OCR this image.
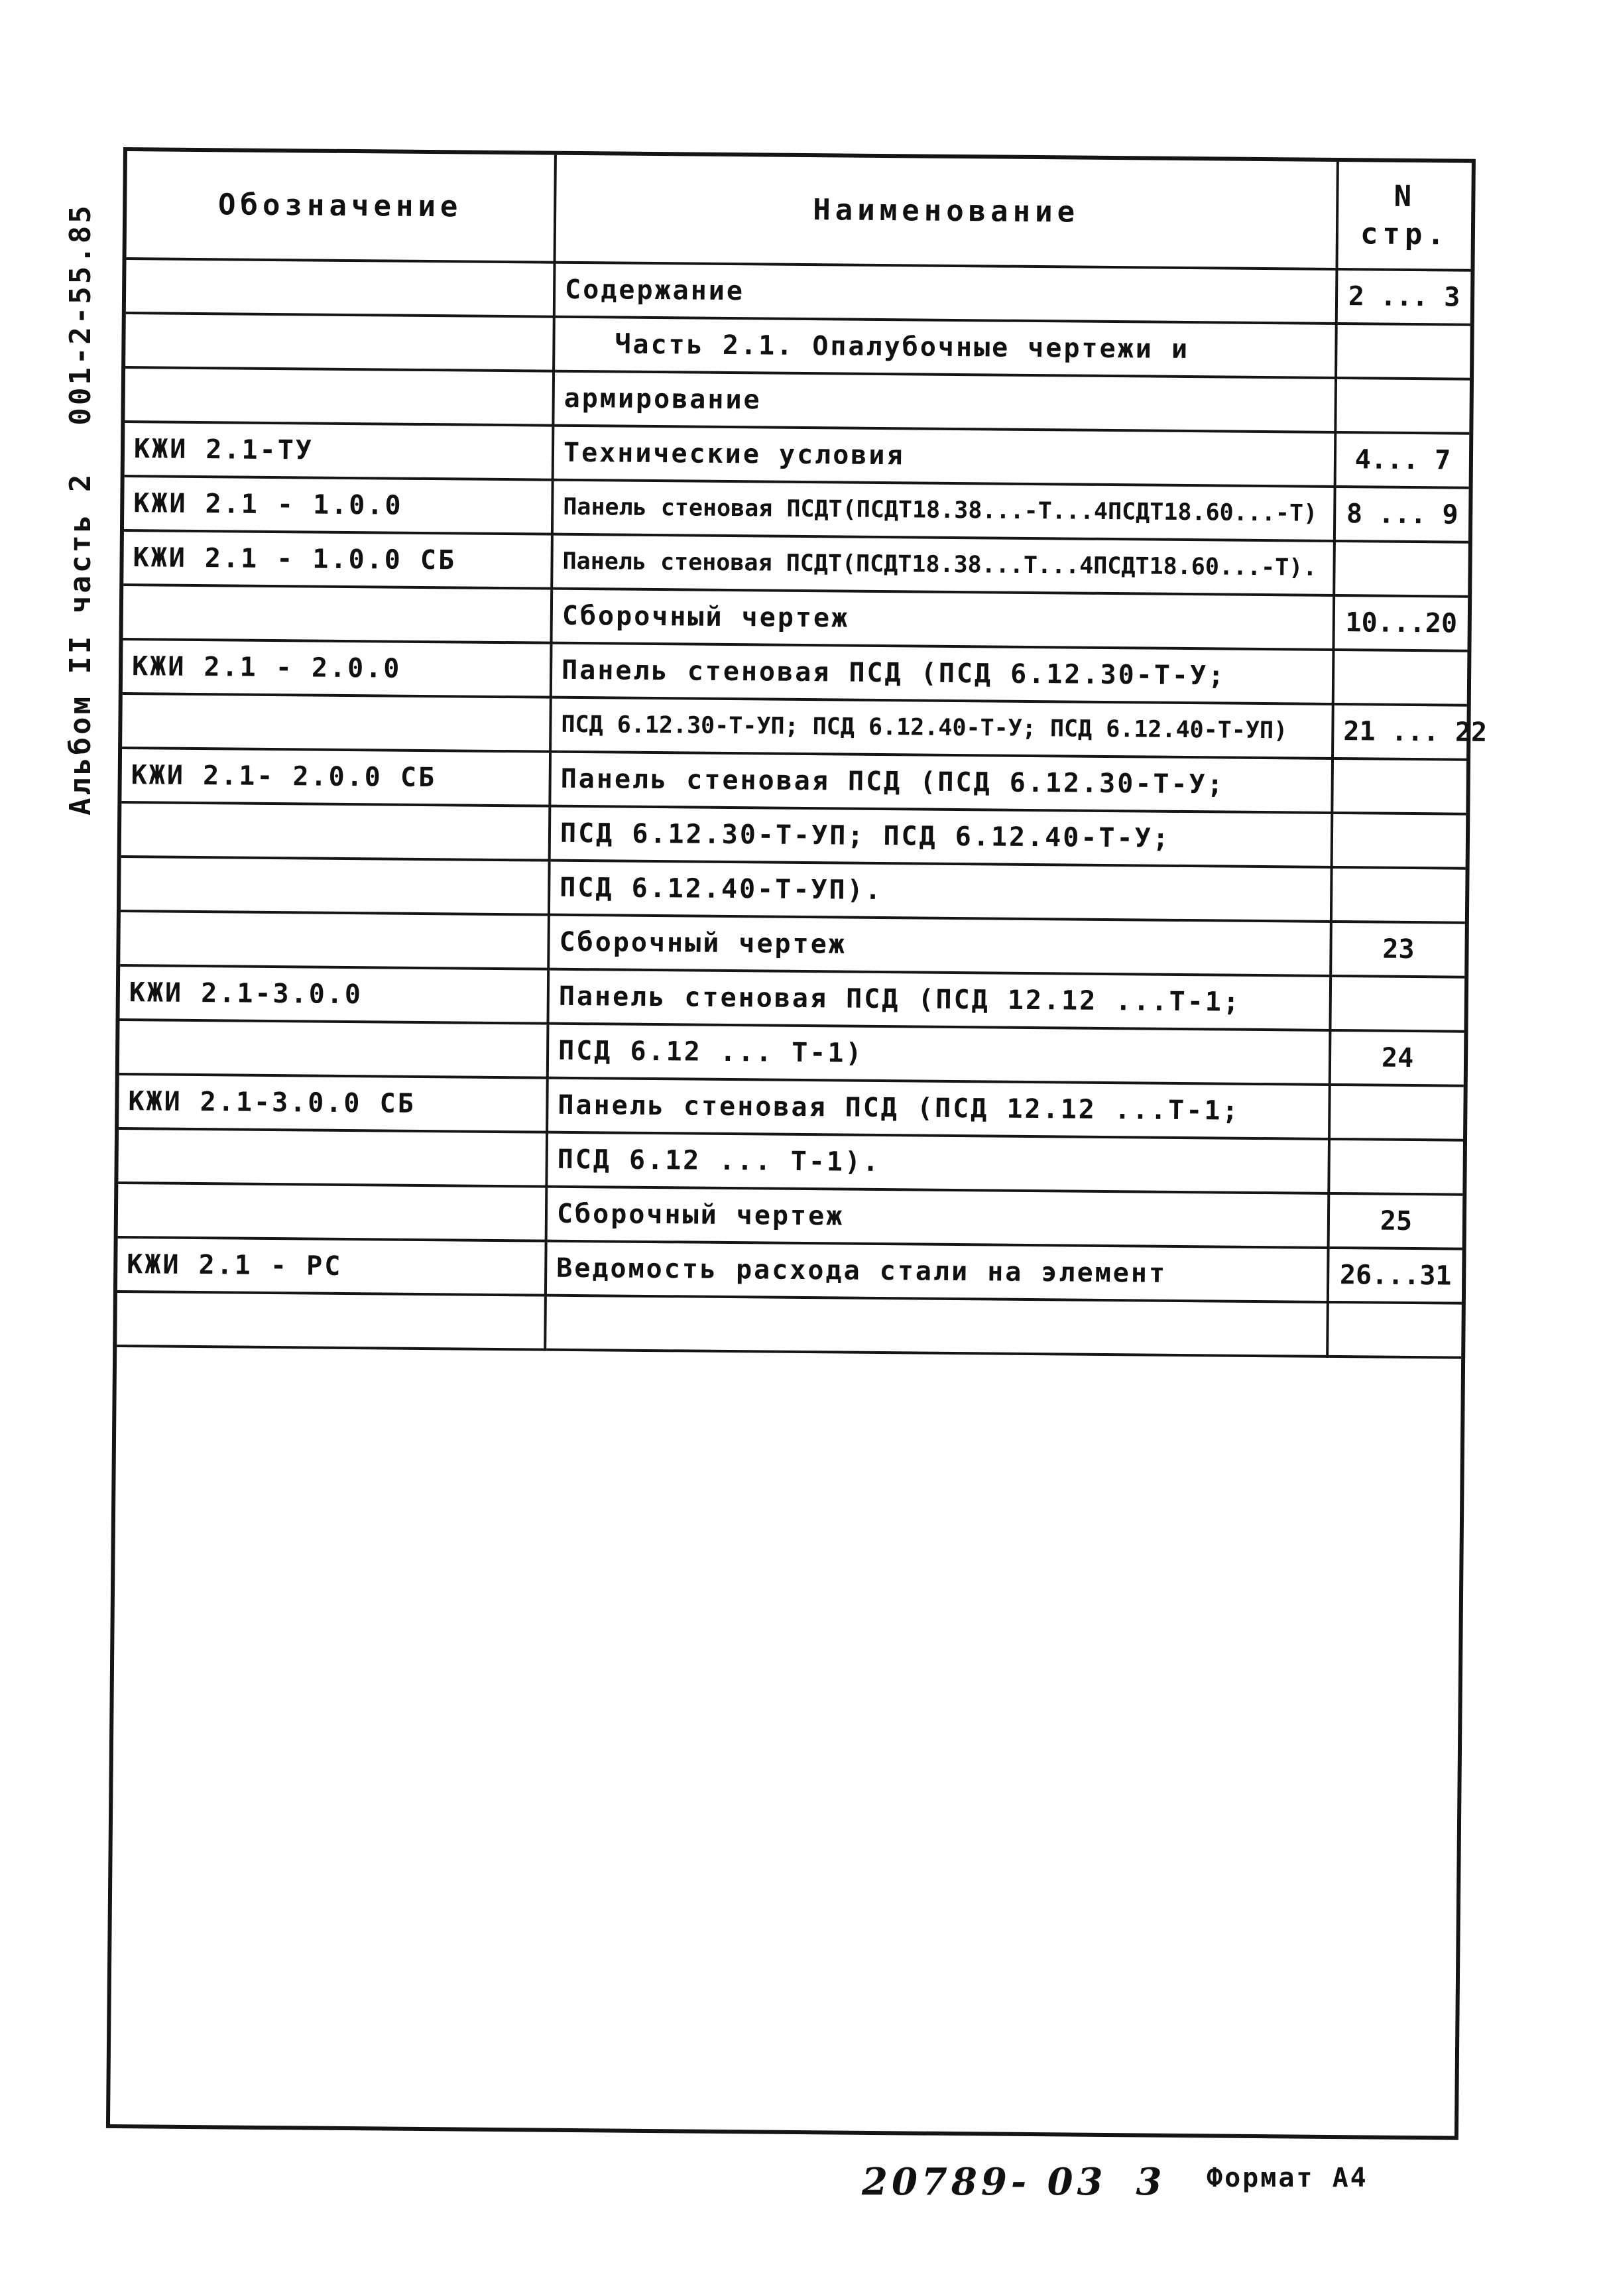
Альбом II часть 2001-2-55.85	Обозначение	Наименование	N
стр.

	Содержание	2 ... 3
	Часть 2.1. Опалубочные чертежи и	
	армирование	
КЖИ 2.1-ТУ	Технические условия	4... 7
КЖИ 2.1 - 1.0.0	Панель стеновая ПСДТ(ПСДТ18.38...-Т...4ПСДТ18.60...-Т)	8 ... 9
КЖИ 2.1 - 1.0.0 СБ	Панель стеновая ПСДТ(ПСДТ18.38...Т...4ПСДТ18.60...-Т).	
	Сборочный чертеж	10...20
КЖИ 2.1 - 2.0.0	Панель стеновая ПСД (ПСД 6.12.30-Т-У;	
	ПСД 6.12.30-Т-УП; ПСД 6.12.40-Т-У; ПСД 6.12.40-Т-УП)	21 ... 22
КЖИ 2.1- 2.0.0 СБ	Панель стеновая ПСД (ПСД 6.12.30-Т-У;	
	ПСД 6.12.30-Т-УП; ПСД 6.12.40-Т-У;	
	ПСД 6.12.40-Т-УП).	
	Сборочный чертеж	23
КЖИ 2.1-3.0.0	Панель стеновая ПСД (ПСД 12.12 ...Т-1;	
	ПСД 6.12 ... Т-1)	24
КЖИ 2.1-3.0.0 СБ	Панель стеновая ПСД (ПСД 12.12 ...Т-1;	
	ПСД 6.12 ... Т-1).	
	Сборочный чертеж	25
КЖИ 2.1 - РС	Ведомость расхода стали на элемент	26...31

20789- 03 3 Формат А4
